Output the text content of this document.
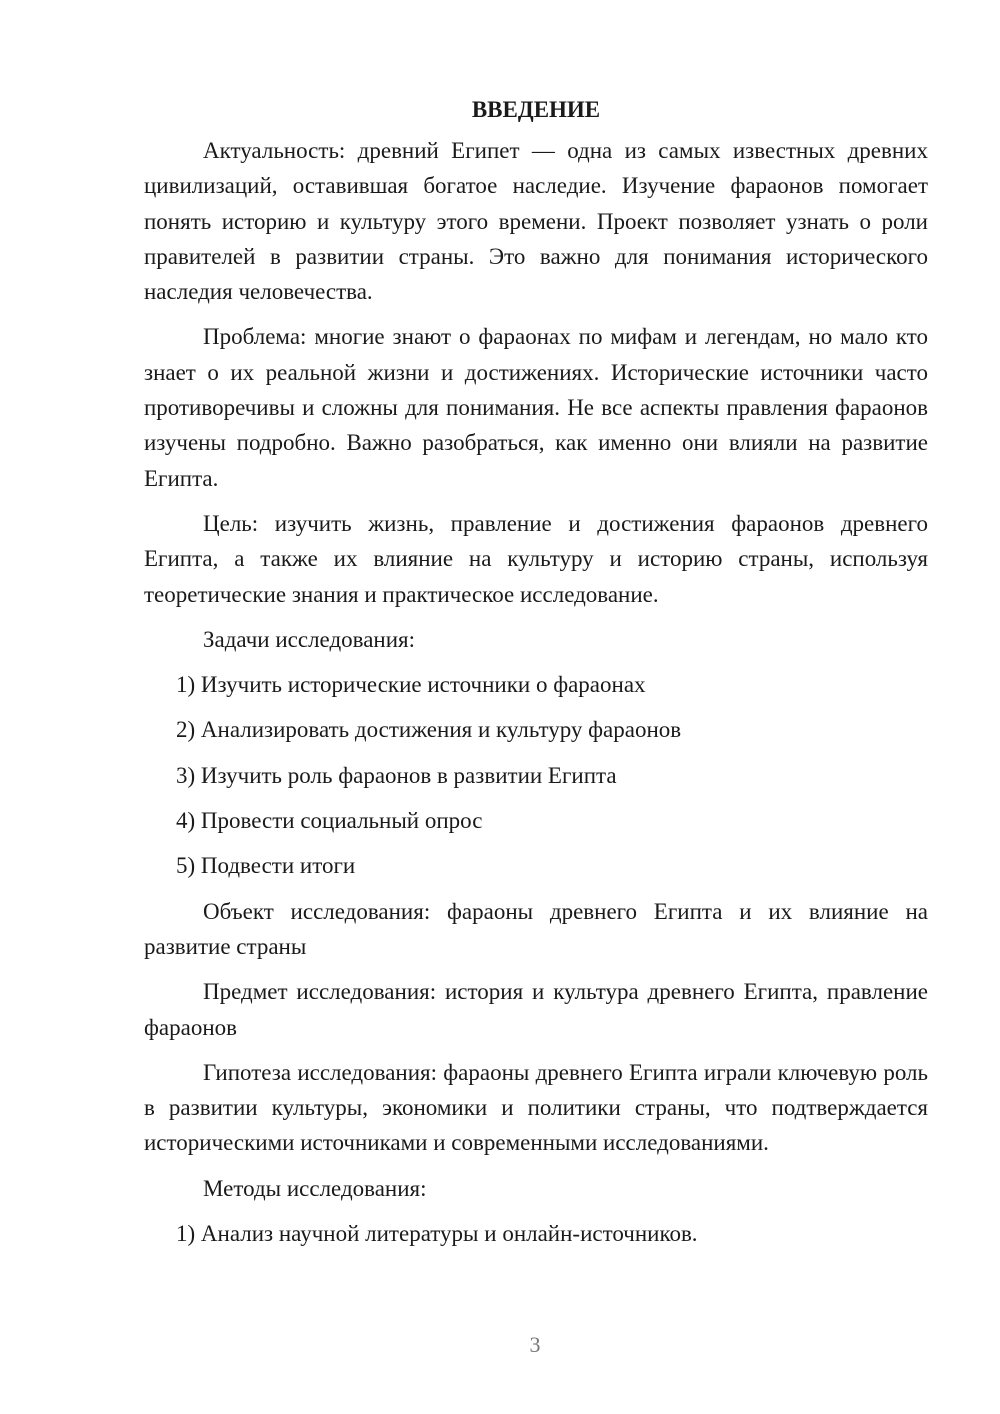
ВВЕДЕНИЕ

Актуальность: древний Египет — одна из самых известных древних цивилизаций, оставившая богатое наследие. Изучение фараонов помогает понять историю и культуру этого времени. Проект позволяет узнать о роли правителей в развитии страны. Это важно для понимания исторического наследия человечества.

Проблема: многие знают о фараонах по мифам и легендам, но мало кто знает о их реальной жизни и достижениях. Исторические источники часто противоречивы и сложны для понимания. Не все аспекты правления фараонов изучены подробно. Важно разобраться, как именно они влияли на развитие Египта.

Цель: изучить жизнь, правление и достижения фараонов древнего Египта, а также их влияние на культуру и историю страны, используя теоретические знания и практическое исследование.

Задачи исследования:

1) Изучить исторические источники о фараонах
2) Анализировать достижения и культуру фараонов
3) Изучить роль фараонов в развитии Египта
4) Провести социальный опрос
5) Подвести итоги

Объект исследования: фараоны древнего Египта и их влияние на развитие страны

Предмет исследования: история и культура древнего Египта, правление фараонов

Гипотеза исследования: фараоны древнего Египта играли ключевую роль в развитии культуры, экономики и политики страны, что подтверждается историческими источниками и современными исследованиями.

Методы исследования:

1) Анализ научной литературы и онлайн-источников.
3
